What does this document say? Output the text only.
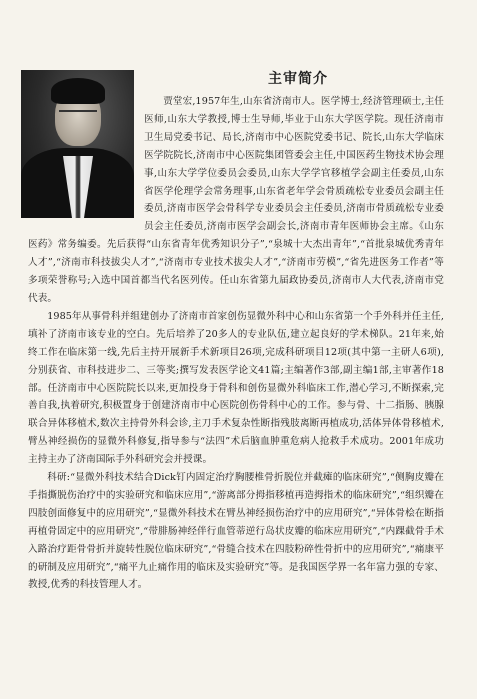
主审简介

贾堂宏,1957年生,山东省济南市人。医学博士,经济管理硕士,主任医师,山东大学教授,博士生导师,毕业于山东大学医学院。现任济南市卫生局党委书记、局长,济南市中心医院党委书记、院长,山东大学临床医学院院长,济南市中心医院集团管委会主任,中国医药生物技术协会理事,山东大学学位委员会委员,山东大学学官移植学会副主任委员,山东省医学伦理学会常务理事,山东省老年学会骨质疏松专业委员会副主任委员,济南市医学会骨科学专业委员会主任委员,济南市骨质疏松专业委员会主任委员,济南市医学会副会长,济南市青年医师协会主席。《山东医药》常务编委。先后获得“山东省青年优秀知识分子”,“泉城十大杰出青年”,“首批泉城优秀青年人才”,“济南市科技拔尖人才”,“济南市专业技术拔尖人才”,“济南市劳模”,“省先进医务工作者”等多项荣誉称号;入选中国首都当代名医列传。任山东省第九届政协委员,济南市人大代表,济南市党代表。

1985年从事骨科并组建创办了济南市首家创伤显微外科中心和山东省第一个手外科并任主任,填补了济南市该专业的空白。先后培养了20多人的专业队伍,建立起良好的学术梯队。21年来,始终工作在临床第一线,先后主持开展新手术新项目26项,完成科研项目12项(其中第一主研人6项),分别获省、市科技进步二、三等奖;撰写发表医学论文41篇;主编著作3部,副主编1部,主审著作18部。任济南市中心医院院长以来,更加投身于骨科和创伤显微外科临床工作,潜心学习,不断探索,完善自我,执着研究,积极置身于创建济南市中心医院创伤骨科中心的工作。参与骨、十二指肠、胰腺联合异体移植术,数次主持骨外科会诊,主刀手术复杂性断指残肢离断再植成功,活体异体骨移植术,臂丛神经损伤的显微外科修复,指导参与“法四”术后脑血肿重危病人抢救手术成功。2001年成功主持主办了济南国际手外科研究会并授课。

科研:“显微外科技术结合Dick钉内固定治疗胸腰椎骨折脱位并截瘫的临床研究”,“侧胸皮瓣在手指撕脱伤治疗中的实验研究和临床应用”,“游离部分拇指移植再造拇指术的临床研究”,“组织瓣在四肢创面修复中的应用研究”,“显微外科技术在臂丛神经损伤治疗中的应用研究”,“异体骨桧在断指再植骨固定中的应用研究”,“带腓肠神经伴行血管蒂逆行岛状皮瓣的临床应用研究”,“内踝截骨手术入路治疗距骨骨折并旋转性脱位临床研究”,“骨缝合技术在四肢粉碎性骨折中的应用研究”,“痛康平的研制及应用研究”,“痛平九止痛作用的临床及实验研究”等。是我国医学界一名年富力强的专家、教授,优秀的科技管理人才。
